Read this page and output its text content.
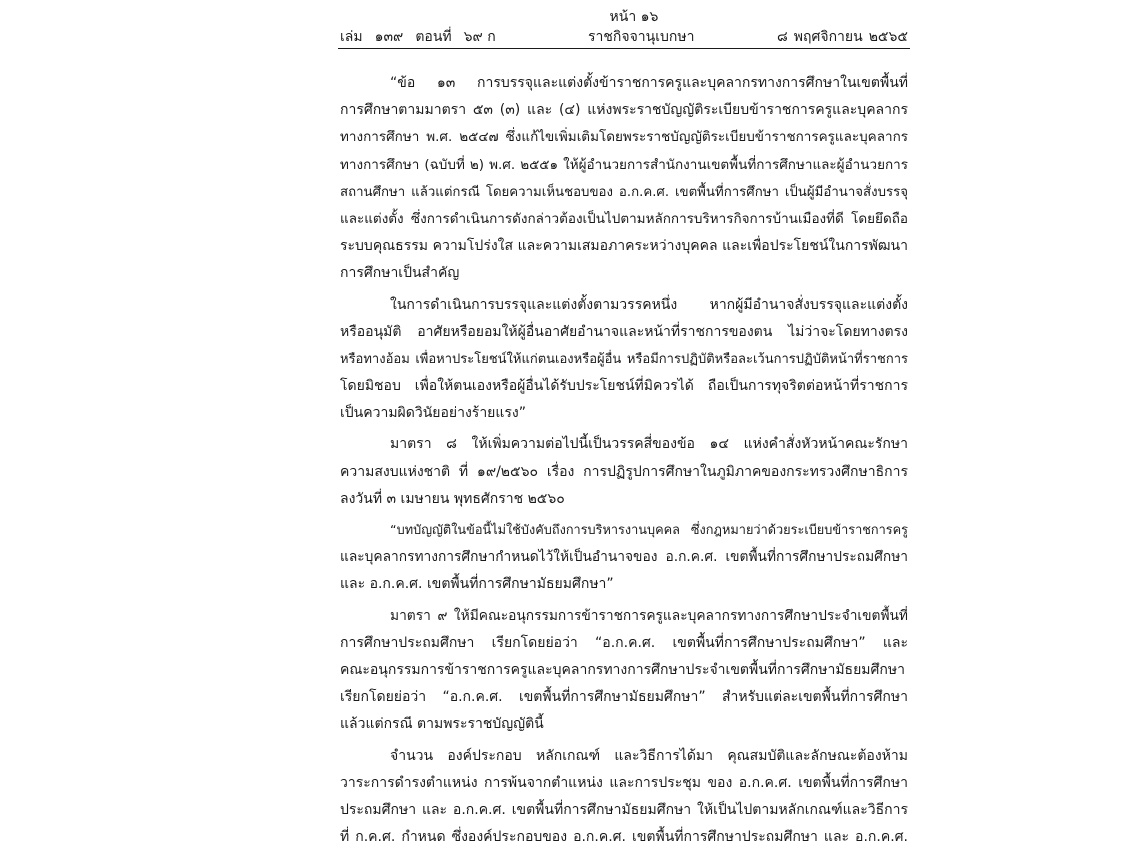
หน้า ๑๖
เล่ม ๑๓๙ ตอนที่ ๖๙ ก	ราชกิจจานุเบกษา	๘ พฤศจิกายน ๒๕๖๕
“ข้อ ๑๓ การบรรจุและแต่งตั้งข้าราชการครูและบุคลากรทางการศึกษาในเขตพื้นที่
การศึกษาตามมาตรา ๕๓ (๓) และ (๔) แห่งพระราชบัญญัติระเบียบข้าราชการครูและบุคลากร
ทางการศึกษา พ.ศ. ๒๕๔๗ ซึ่งแก้ไขเพิ่มเติมโดยพระราชบัญญัติระเบียบข้าราชการครูและบุคลากร
ทางการศึกษา (ฉบับที่ ๒) พ.ศ. ๒๕๕๑ ให้ผู้อำนวยการสำนักงานเขตพื้นที่การศึกษาและผู้อำนวยการ
สถานศึกษา แล้วแต่กรณี โดยความเห็นชอบของ อ.ก.ค.ศ. เขตพื้นที่การศึกษา เป็นผู้มีอำนาจสั่งบรรจุ
และแต่งตั้ง ซึ่งการดำเนินการดังกล่าวต้องเป็นไปตามหลักการบริหารกิจการบ้านเมืองที่ดี โดยยึดถือ
ระบบคุณธรรม ความโปร่งใส และความเสมอภาคระหว่างบุคคล และเพื่อประโยชน์ในการพัฒนา
การศึกษาเป็นสำคัญ
ในการดำเนินการบรรจุและแต่งตั้งตามวรรคหนึ่ง หากผู้มีอำนาจสั่งบรรจุและแต่งตั้ง
หรืออนุมัติ อาศัยหรือยอมให้ผู้อื่นอาศัยอำนาจและหน้าที่ราชการของตน ไม่ว่าจะโดยทางตรง
หรือทางอ้อม เพื่อหาประโยชน์ให้แก่ตนเองหรือผู้อื่น หรือมีการปฏิบัติหรือละเว้นการปฏิบัติหน้าที่ราชการ
โดยมิชอบ เพื่อให้ตนเองหรือผู้อื่นได้รับประโยชน์ที่มิควรได้ ถือเป็นการทุจริตต่อหน้าที่ราชการ
เป็นความผิดวินัยอย่างร้ายแรง”
มาตรา ๘ ให้เพิ่มความต่อไปนี้เป็นวรรคสี่ของข้อ ๑๔ แห่งคำสั่งหัวหน้าคณะรักษา
ความสงบแห่งชาติ ที่ ๑๙/๒๕๖๐ เรื่อง การปฏิรูปการศึกษาในภูมิภาคของกระทรวงศึกษาธิการ
ลงวันที่ ๓ เมษายน พุทธศักราช ๒๕๖๐
“บทบัญญัติในข้อนี้ไม่ใช้บังคับถึงการบริหารงานบุคคล ซึ่งกฎหมายว่าด้วยระเบียบข้าราชการครู
และบุคลากรทางการศึกษากำหนดไว้ให้เป็นอำนาจของ อ.ก.ค.ศ. เขตพื้นที่การศึกษาประถมศึกษา
และ อ.ก.ค.ศ. เขตพื้นที่การศึกษามัธยมศึกษา”
มาตรา ๙ ให้มีคณะอนุกรรมการข้าราชการครูและบุคลากรทางการศึกษาประจำเขตพื้นที่
การศึกษาประถมศึกษา เรียกโดยย่อว่า “อ.ก.ค.ศ. เขตพื้นที่การศึกษาประถมศึกษา” และ
คณะอนุกรรมการข้าราชการครูและบุคลากรทางการศึกษาประจำเขตพื้นที่การศึกษามัธยมศึกษา
เรียกโดยย่อว่า “อ.ก.ค.ศ. เขตพื้นที่การศึกษามัธยมศึกษา” สำหรับแต่ละเขตพื้นที่การศึกษา
แล้วแต่กรณี ตามพระราชบัญญัตินี้
จำนวน องค์ประกอบ หลักเกณฑ์ และวิธีการได้มา คุณสมบัติและลักษณะต้องห้าม
วาระการดำรงตำแหน่ง การพ้นจากตำแหน่ง และการประชุม ของ อ.ก.ค.ศ. เขตพื้นที่การศึกษา
ประถมศึกษา และ อ.ก.ค.ศ. เขตพื้นที่การศึกษามัธยมศึกษา ให้เป็นไปตามหลักเกณฑ์และวิธีการ
ที่ ก.ค.ศ. กำหนด ซึ่งองค์ประกอบของ อ.ก.ค.ศ. เขตพื้นที่การศึกษาประถมศึกษา และ อ.ก.ค.ศ.
